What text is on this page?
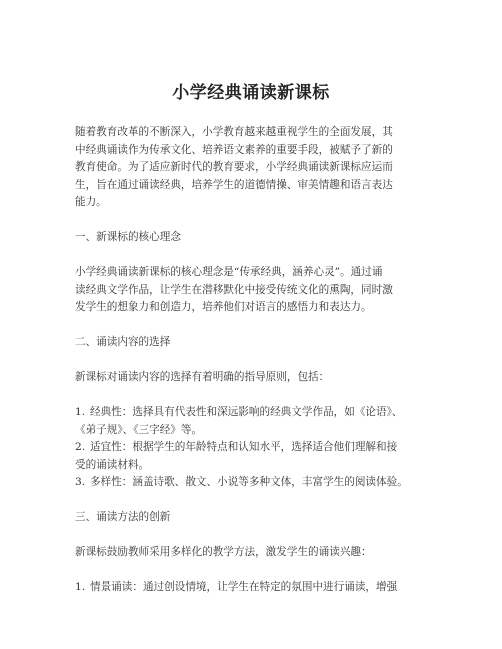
小学经典诵读新课标
随着教育改革的不断深入，小学教育越来越重视学生的全面发展，其
中经典诵读作为传承文化、培养语文素养的重要手段，被赋予了新的
教育使命。为了适应新时代的教育要求，小学经典诵读新课标应运而
生，旨在通过诵读经典，培养学生的道德情操、审美情趣和语言表达
能力。
一、新课标的核心理念
小学经典诵读新课标的核心理念是“传承经典，涵养心灵”。通过诵
读经典文学作品，让学生在潜移默化中接受传统文化的熏陶，同时激
发学生的想象力和创造力，培养他们对语言的感悟力和表达力。
二、诵读内容的选择
新课标对诵读内容的选择有着明确的指导原则，包括：
1. 经典性：选择具有代表性和深远影响的经典文学作品，如《论语》、
《弟子规》、《三字经》等。
2. 适宜性：根据学生的年龄特点和认知水平，选择适合他们理解和接
受的诵读材料。
3. 多样性：涵盖诗歌、散文、小说等多种文体，丰富学生的阅读体验。
三、诵读方法的创新
新课标鼓励教师采用多样化的教学方法，激发学生的诵读兴趣：
1. 情景诵读：通过创设情境，让学生在特定的氛围中进行诵读，增强
